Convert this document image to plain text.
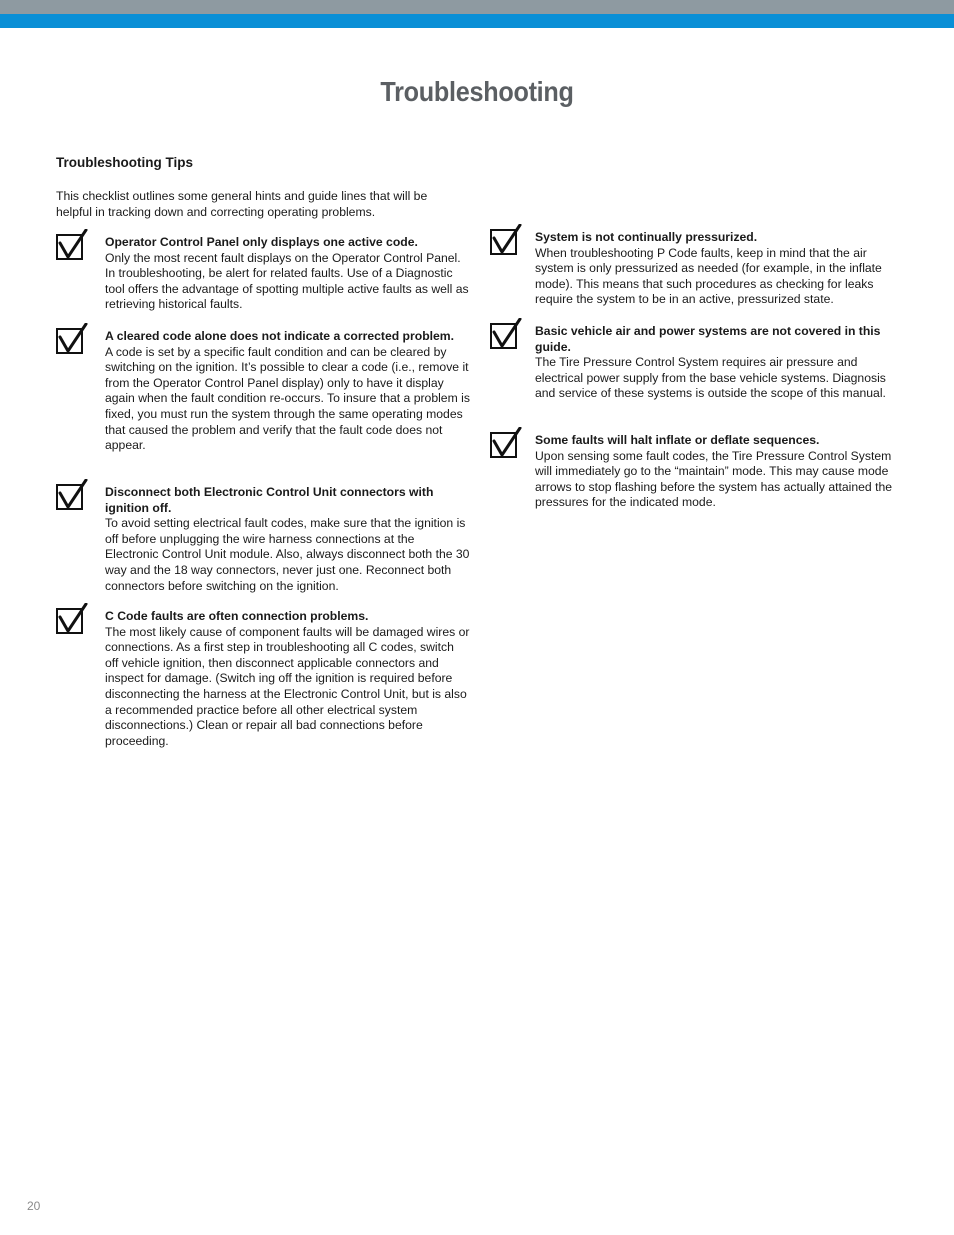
Troubleshooting
Troubleshooting Tips
This checklist outlines some general hints and guide lines that will be helpful in tracking down and correcting operating problems.
Operator Control Panel only displays one active code.
Only the most recent fault displays on the Operator Control Panel. In troubleshooting, be alert for related faults. Use of a Diagnostic tool offers the advantage of spotting multiple active faults as well as retrieving historical faults.
A cleared code alone does not indicate a corrected problem.
A code is set by a specific fault condition and can be cleared by switching on the ignition. It’s possible to clear a code (i.e., remove it from the Operator Control Panel display) only to have it display again when the fault condition re-occurs. To insure that a problem is fixed, you must run the system through the same operating modes that caused the problem and verify that the fault code does not appear.
Disconnect both Electronic Control Unit connectors with ignition off.
To avoid setting electrical fault codes, make sure that the ignition is off before unplugging the wire harness connections at the Electronic Control Unit module. Also, always disconnect both the 30 way and the 18 way connectors, never just one. Reconnect both connectors before switching on the ignition.
C Code faults are often connection problems.
The most likely cause of component faults will be damaged wires or connections. As a first step in troubleshooting all C codes, switch off vehicle ignition, then disconnect applicable connectors and inspect for damage. (Switch ing off the ignition is required before disconnecting the harness at the Electronic Control Unit, but is also a recommended practice before all other electrical system disconnections.) Clean or repair all bad connections before proceeding.
System is not continually pressurized.
When troubleshooting P Code faults, keep in mind that the air system is only pressurized as needed (for example, in the inflate mode). This means that such procedures as checking for leaks require the system to be in an active, pressurized state.
Basic vehicle air and power systems are not covered in this guide.
The Tire Pressure Control System requires air pressure and electrical power supply from the base vehicle systems. Diagnosis and service of these systems is outside the scope of this manual.
Some faults will halt inflate or deflate sequences.
Upon sensing some fault codes, the Tire Pressure Control System will immediately go to the “maintain” mode. This may cause mode arrows to stop flashing before the system has actually attained the pressures for the indicated mode.
20
